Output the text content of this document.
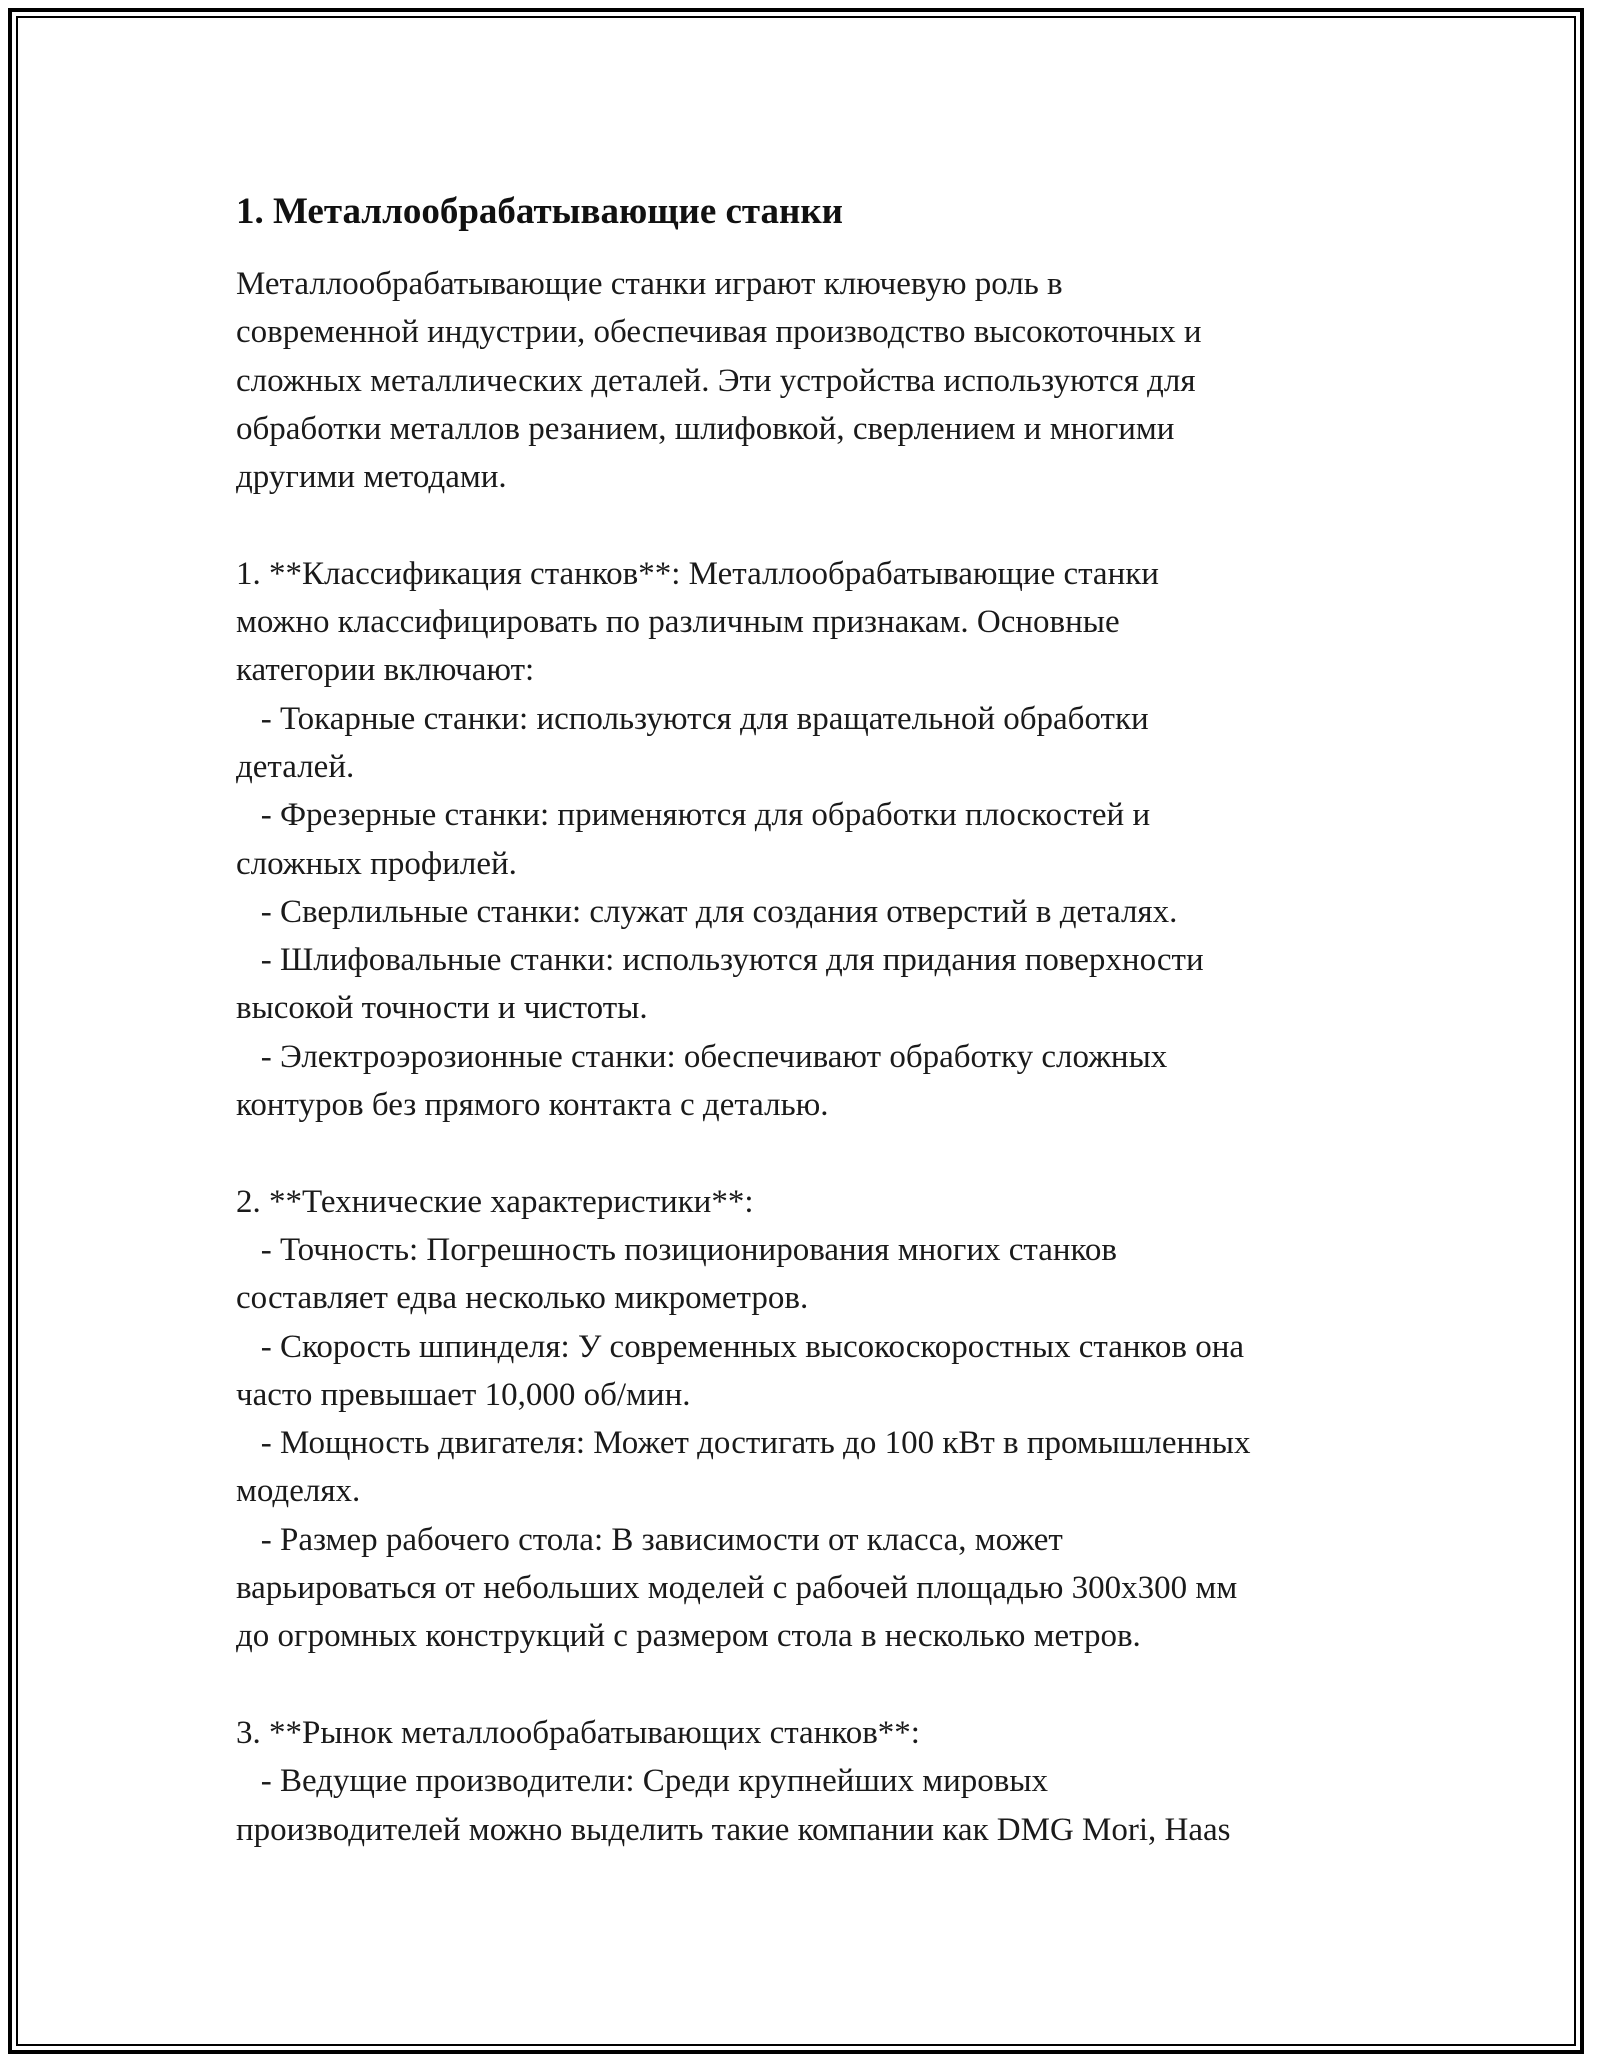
1. Металлообрабатывающие станки

Металлообрабатывающие станки играют ключевую роль в
современной индустрии, обеспечивая производство высокоточных и
сложных металлических деталей. Эти устройства используются для
обработки металлов резанием, шлифовкой, сверлением и многими
другими методами.

1. **Классификация станков**: Металлообрабатывающие станки
можно классифицировать по различным признакам. Основные
категории включают:
- Токарные станки: используются для вращательной обработки
деталей.
- Фрезерные станки: применяются для обработки плоскостей и
сложных профилей.
- Сверлильные станки: служат для создания отверстий в деталях.
- Шлифовальные станки: используются для придания поверхности
высокой точности и чистоты.
- Электроэрозионные станки: обеспечивают обработку сложных
контуров без прямого контакта с деталью.

2. **Технические характеристики**:
- Точность: Погрешность позиционирования многих станков
составляет едва несколько микрометров.
- Скорость шпинделя: У современных высокоскоростных станков она
часто превышает 10,000 об/мин.
- Мощность двигателя: Может достигать до 100 кВт в промышленных
моделях.
- Размер рабочего стола: В зависимости от класса, может
варьироваться от небольших моделей с рабочей площадью 300x300 мм
до огромных конструкций с размером стола в несколько метров.

3. **Рынок металлообрабатывающих станков**:
- Ведущие производители: Среди крупнейших мировых
производителей можно выделить такие компании как DMG Mori, Haas
